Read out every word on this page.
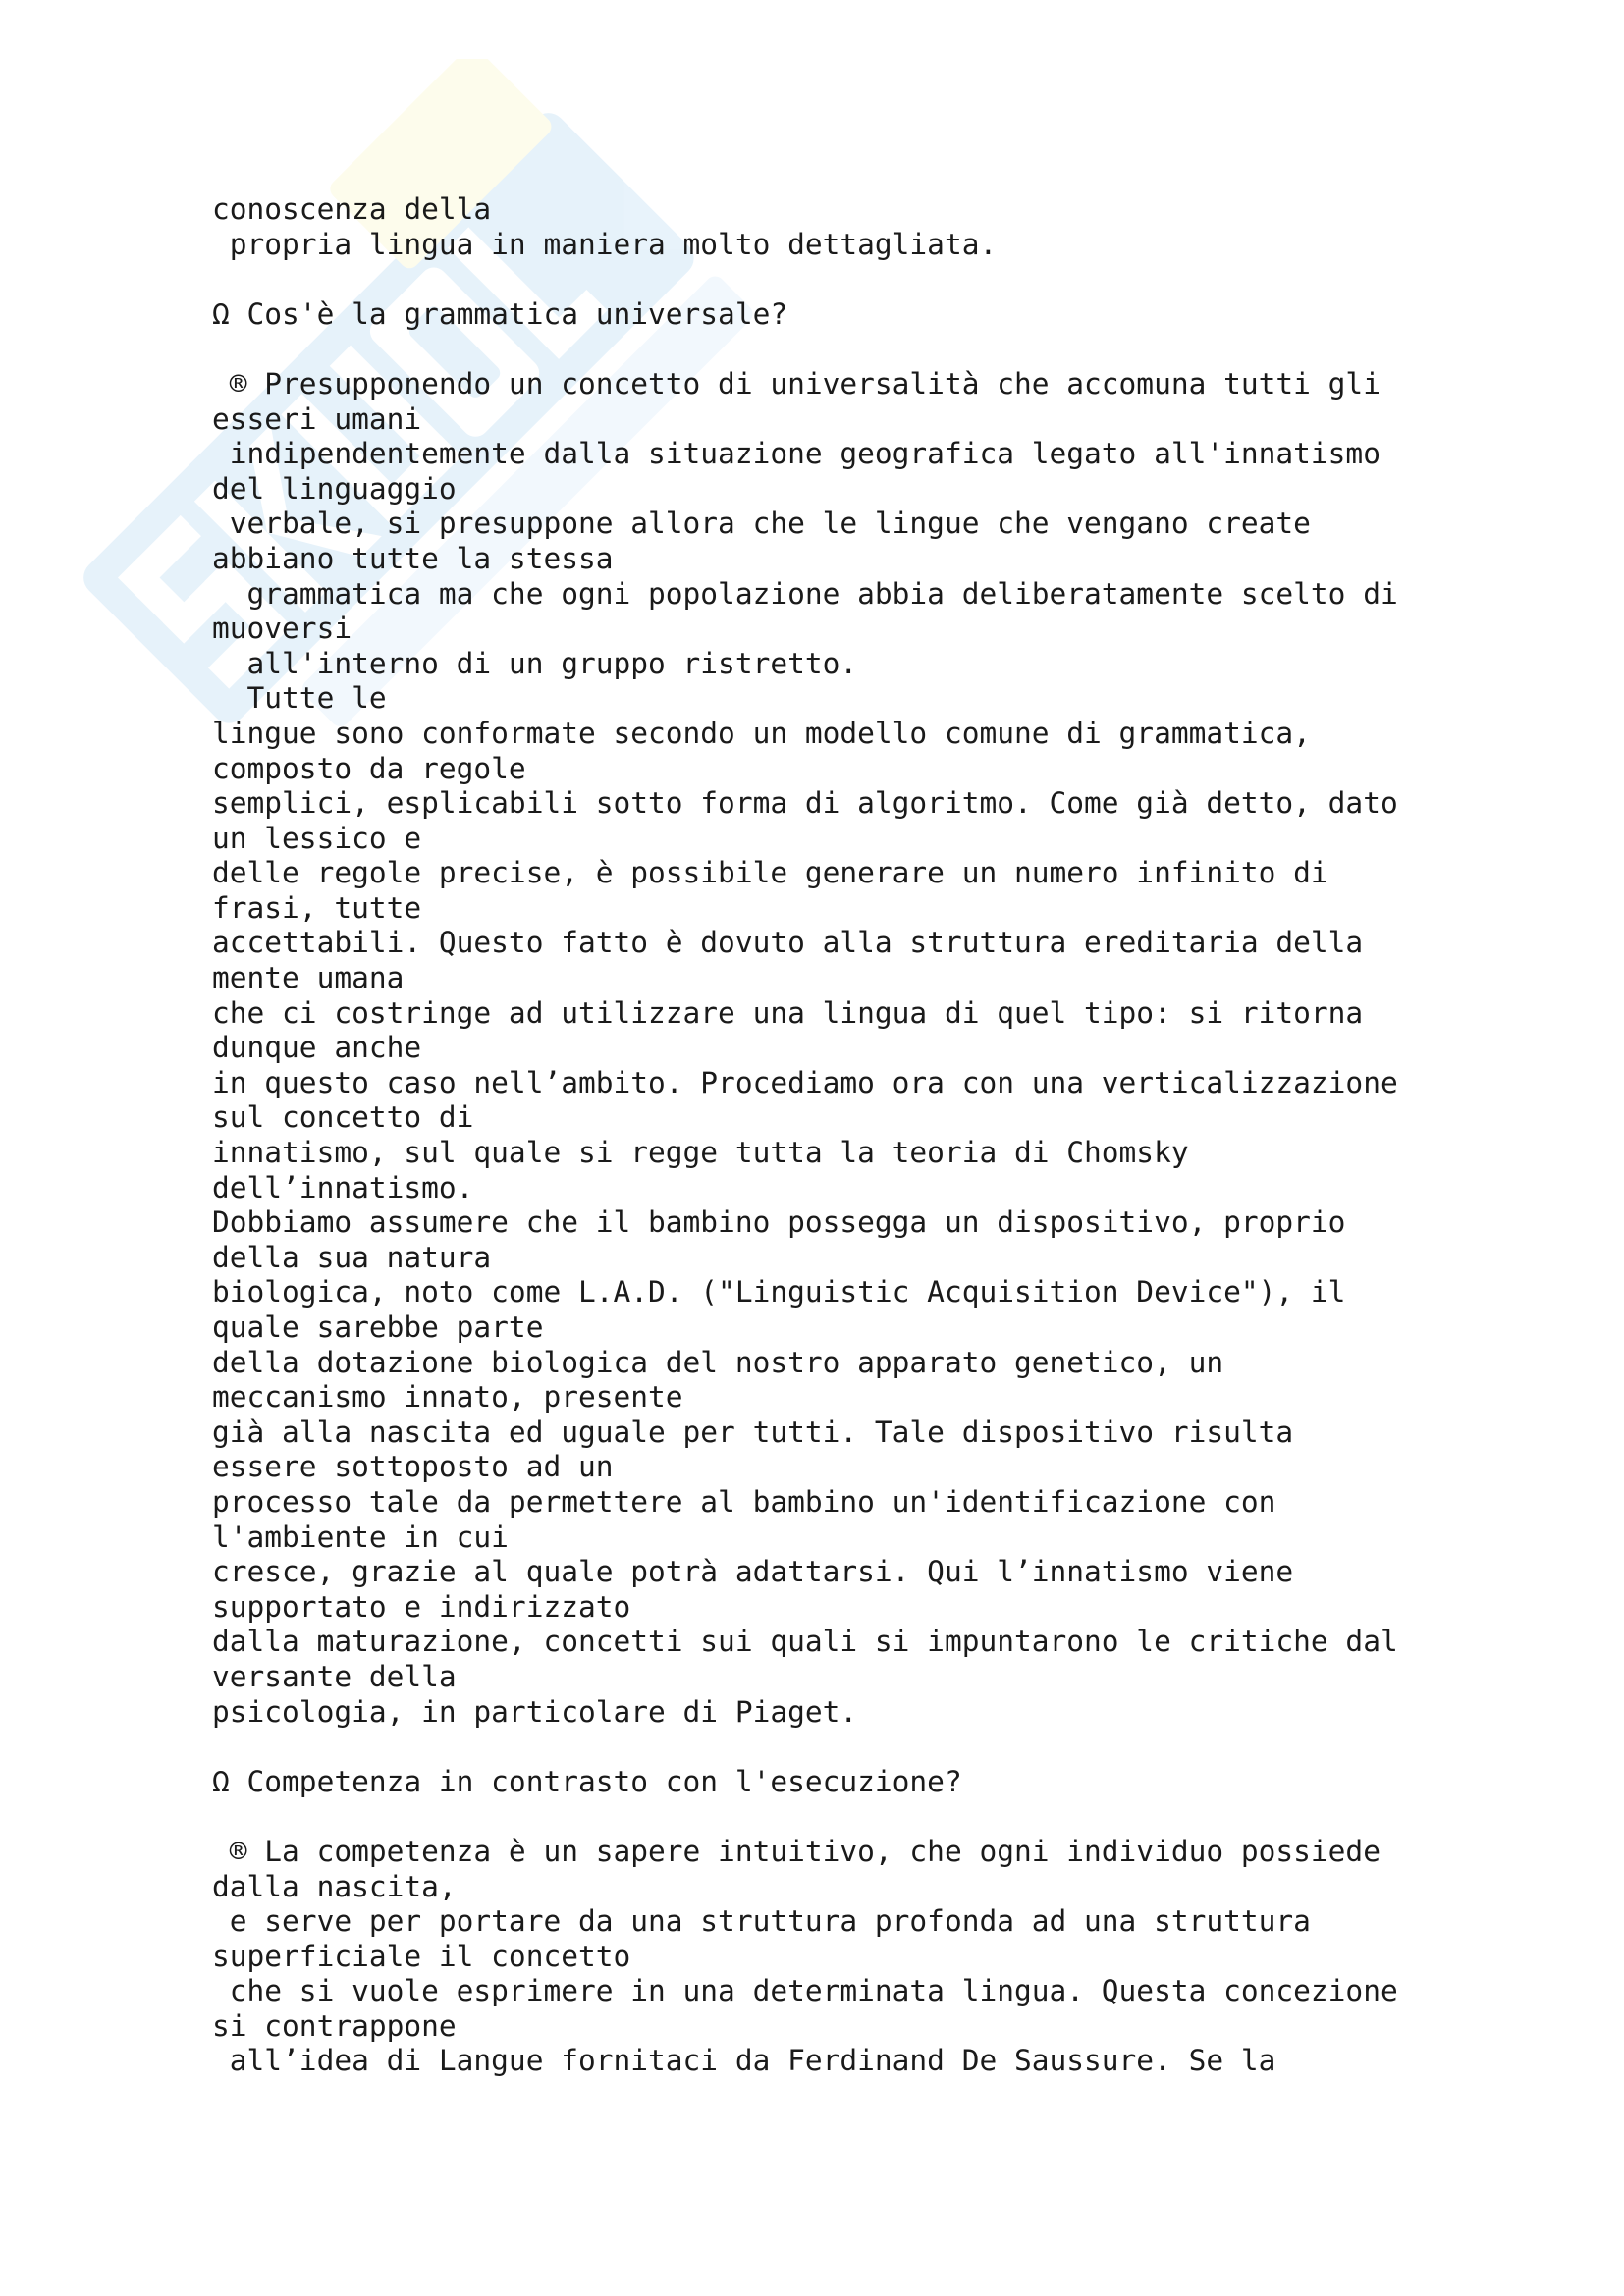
conoscenza della
propria lingua in maniera molto dettagliata.

Ω Cos'è la grammatica universale?

® Presupponendo un concetto di universalità che accomuna tutti gli
esseri umani
indipendentemente dalla situazione geografica legato all'innatismo
del linguaggio
verbale, si presuppone allora che le lingue che vengano create
abbiano tutte la stessa
grammatica ma che ogni popolazione abbia deliberatamente scelto di
muoversi
all'interno di un gruppo ristretto.
Tutte le
lingue sono conformate secondo un modello comune di grammatica,
composto da regole
semplici, esplicabili sotto forma di algoritmo. Come già detto, dato
un lessico e
delle regole precise, è possibile generare un numero infinito di
frasi, tutte
accettabili. Questo fatto è dovuto alla struttura ereditaria della
mente umana
che ci costringe ad utilizzare una lingua di quel tipo: si ritorna
dunque anche
in questo caso nell’ambito. Procediamo ora con una verticalizzazione
sul concetto di
innatismo, sul quale si regge tutta la teoria di Chomsky
dell’innatismo.
Dobbiamo assumere che il bambino possegga un dispositivo, proprio
della sua natura
biologica, noto come L.A.D. ("Linguistic Acquisition Device"), il
quale sarebbe parte
della dotazione biologica del nostro apparato genetico, un
meccanismo innato, presente
già alla nascita ed uguale per tutti. Tale dispositivo risulta
essere sottoposto ad un
processo tale da permettere al bambino un'identificazione con
l'ambiente in cui
cresce, grazie al quale potrà adattarsi. Qui l’innatismo viene
supportato e indirizzato
dalla maturazione, concetti sui quali si impuntarono le critiche dal
versante della
psicologia, in particolare di Piaget.

Ω Competenza in contrasto con l'esecuzione?

® La competenza è un sapere intuitivo, che ogni individuo possiede
dalla nascita,
e serve per portare da una struttura profonda ad una struttura
superficiale il concetto
che si vuole esprimere in una determinata lingua. Questa concezione
si contrappone
all’idea di Langue fornitaci da Ferdinand De Saussure. Se la
